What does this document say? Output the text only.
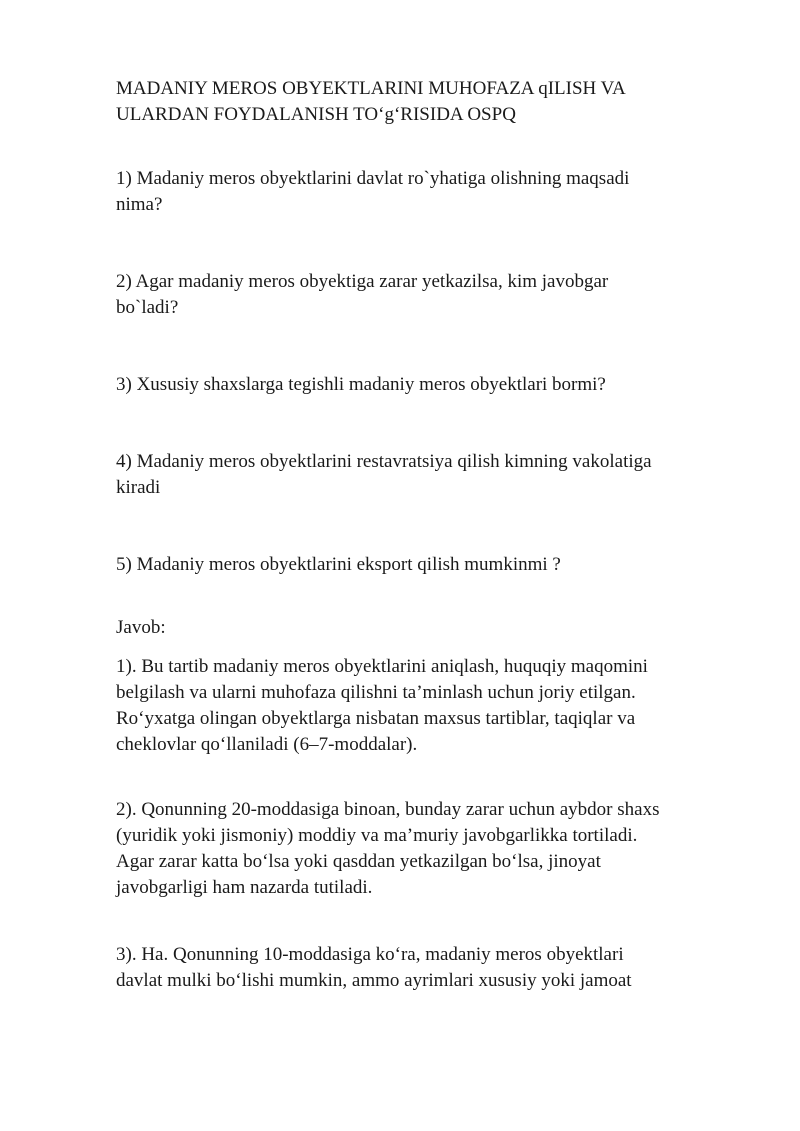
MADANIY MEROS OBYEKTLARINI MUHOFAZA qILISH VA
ULARDAN FOYDALANISH TO‘g‘RISIDA OSPQ

1) Madaniy meros obyektlarini davlat ro`yhatiga olishning maqsadi
nima?

2) Agar madaniy meros obyektiga zarar yetkazilsa, kim javobgar
bo`ladi?

3) Xususiy shaxslarga tegishli madaniy meros obyektlari bormi?

4) Madaniy meros obyektlarini restavratsiya qilish kimning vakolatiga
kiradi

5) Madaniy meros obyektlarini eksport qilish mumkinmi ?

Javob:

1). Bu tartib madaniy meros obyektlarini aniqlash, huquqiy maqomini
belgilash va ularni muhofaza qilishni ta’minlash uchun joriy etilgan.
Ro‘yxatga olingan obyektlarga nisbatan maxsus tartiblar, taqiqlar va
cheklovlar qo‘llaniladi (6–7-moddalar).

2). Qonunning 20-moddasiga binoan, bunday zarar uchun aybdor shaxs
(yuridik yoki jismoniy) moddiy va ma’muriy javobgarlikka tortiladi.
Agar zarar katta bo‘lsa yoki qasddan yetkazilgan bo‘lsa, jinoyat
javobgarligi ham nazarda tutiladi.

3). Ha. Qonunning 10-moddasiga ko‘ra, madaniy meros obyektlari
davlat mulki bo‘lishi mumkin, ammo ayrimlari xususiy yoki jamoat
